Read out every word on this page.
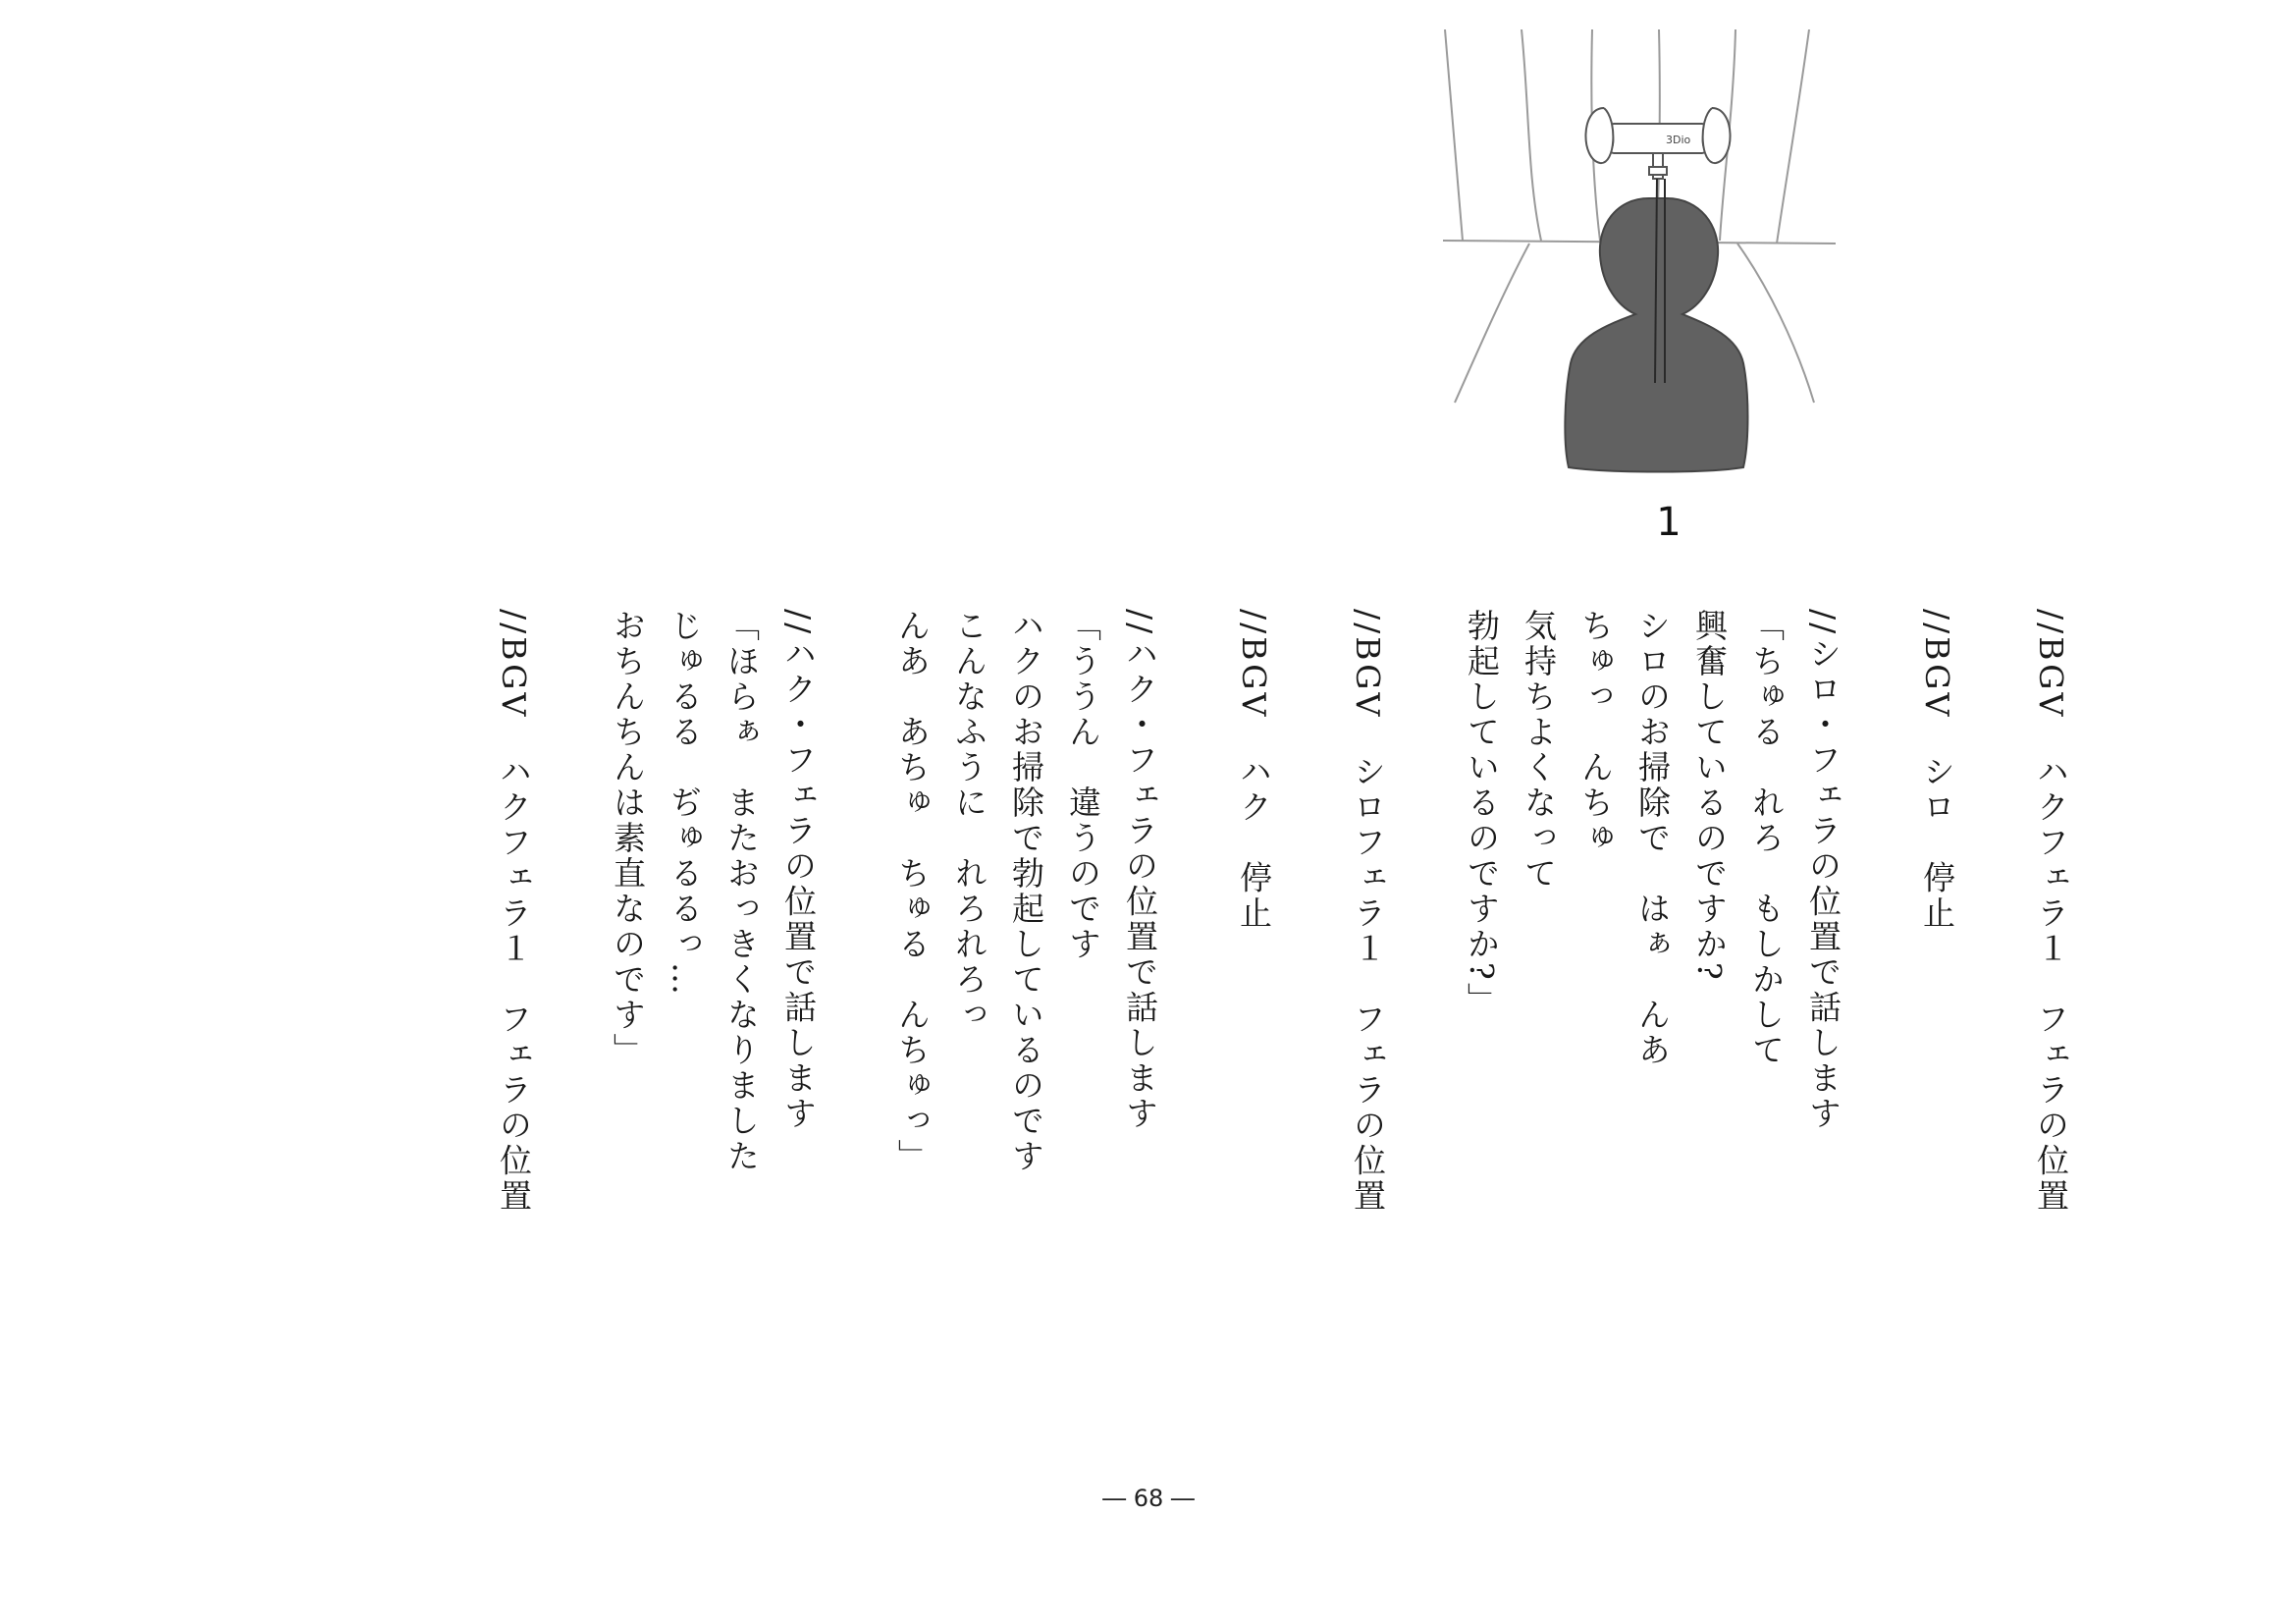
3Dio
1
//BGV　ハクフェラ１　フェラの位置
//BGV　シロ　停止
//シロ・フェラの位置で話します
「ちゅる　れろ　もしかして
興奮しているのですか?
シロのお掃除で　はぁ　んあ
ちゅっ　んちゅ
気持ちよくなって
勃起しているのですか?」
//BGV　シロフェラ１　フェラの位置
//BGV　ハク　停止
//ハク・フェラの位置で話します
「ううん　違うのです
ハクのお掃除で勃起しているのです
こんなふうに　れろれろっ
んあ　あちゅ　ちゅる　んちゅっ」
//ハク・フェラの位置で話します
「ほらぁ　またおっきくなりました
じゅるる　ぢゅるるっ…
おちんちんは素直なのです」
//BGV　ハクフェラ１　フェラの位置
― 68 ―
